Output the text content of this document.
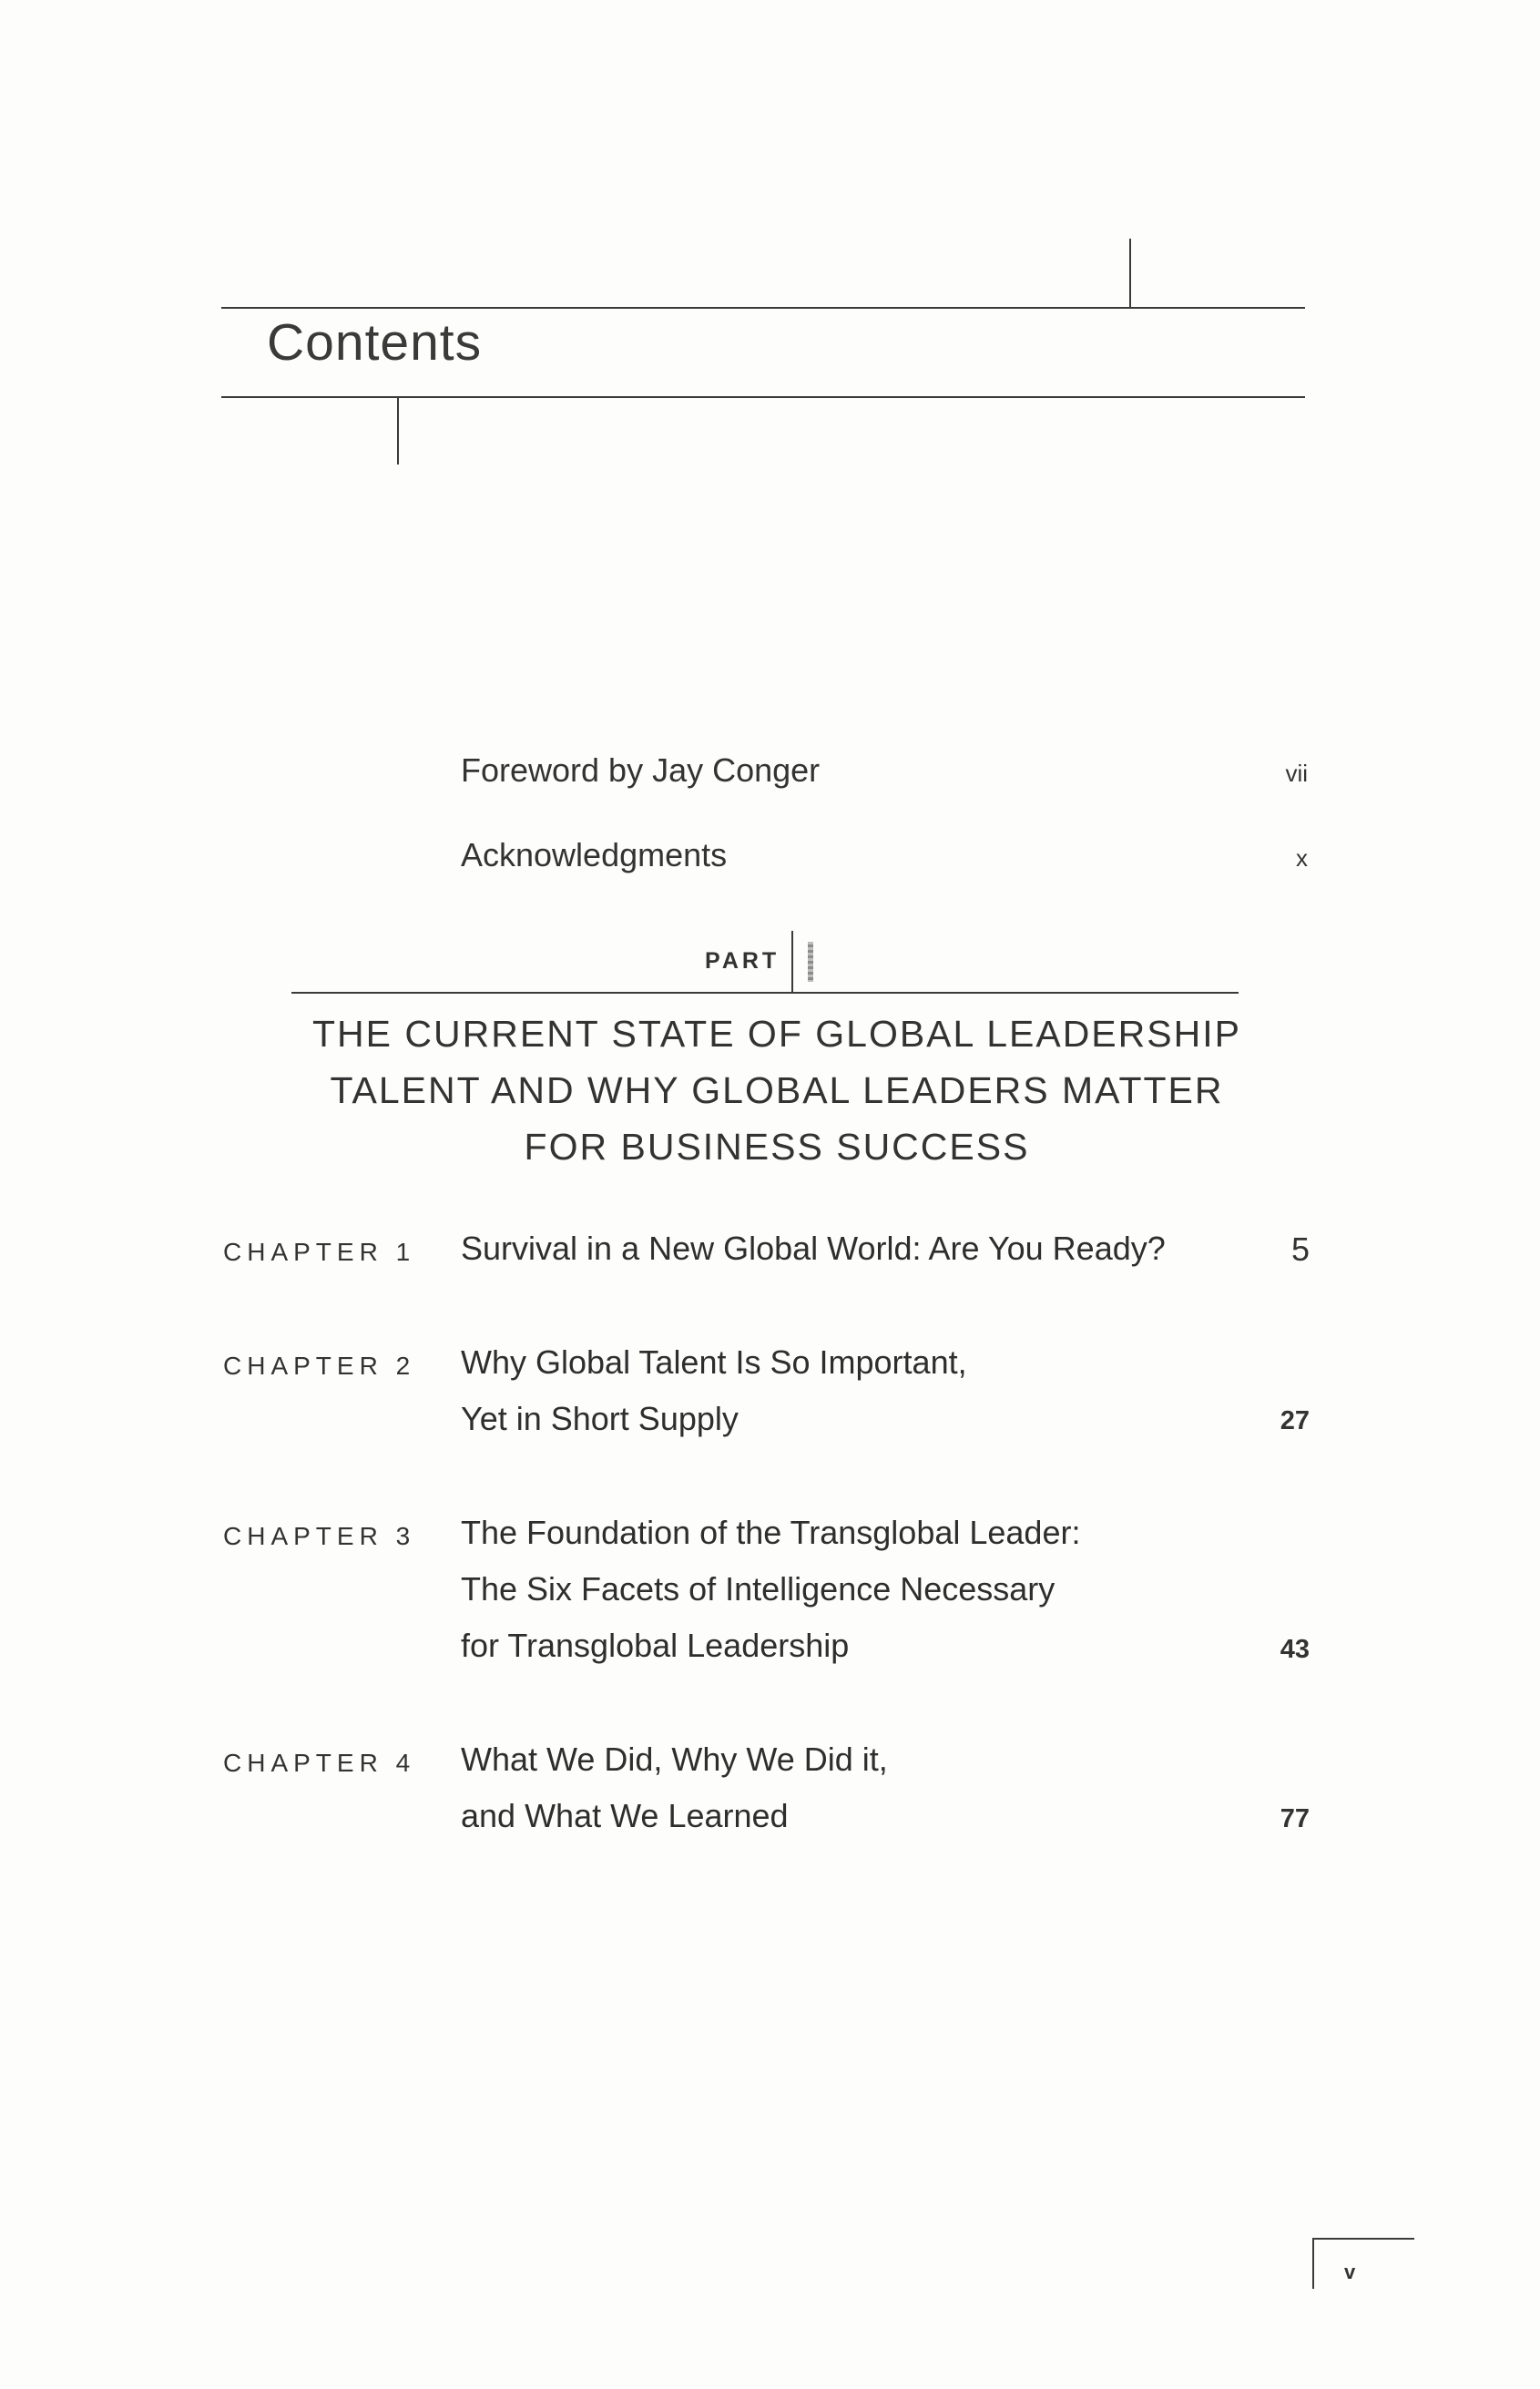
Contents
Foreword by Jay Conger	vii
Acknowledgments	x
PART
THE CURRENT STATE OF GLOBAL LEADERSHIP
TALENT AND WHY GLOBAL LEADERS MATTER
FOR BUSINESS SUCCESS
CHAPTER 1 Survival in a New Global World: Are You Ready?	5
CHAPTER 2 Why Global Talent Is So Important,
Yet in Short Supply	27
CHAPTER 3 The Foundation of the Transglobal Leader:
The Six Facets of Intelligence Necessary
for Transglobal Leadership	43
CHAPTER 4 What We Did, Why We Did it,
and What We Learned	77
v
